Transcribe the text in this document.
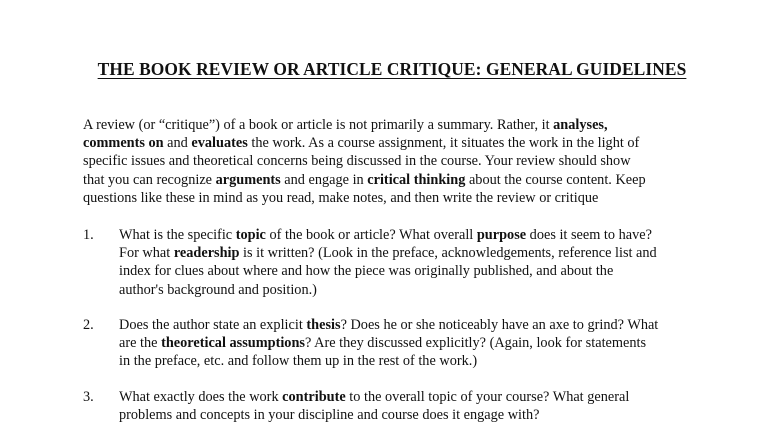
THE BOOK REVIEW OR ARTICLE CRITIQUE: GENERAL GUIDELINES
A review (or “critique”) of a book or article is not primarily a summary. Rather, it analyses,
comments on and evaluates the work. As a course assignment, it situates the work in the light of
specific issues and theoretical concerns being discussed in the course. Your review should show
that you can recognize arguments and engage in critical thinking about the course content. Keep
questions like these in mind as you read, make notes, and then write the review or critique
1. What is the specific topic of the book or article? What overall purpose does it seem to have?
For what readership is it written? (Look in the preface, acknowledgements, reference list and
index for clues about where and how the piece was originally published, and about the
author's background and position.)
2. Does the author state an explicit thesis? Does he or she noticeably have an axe to grind? What
are the theoretical assumptions? Are they discussed explicitly? (Again, look for statements
in the preface, etc. and follow them up in the rest of the work.)
3. What exactly does the work contribute to the overall topic of your course? What general
problems and concepts in your discipline and course does it engage with?
